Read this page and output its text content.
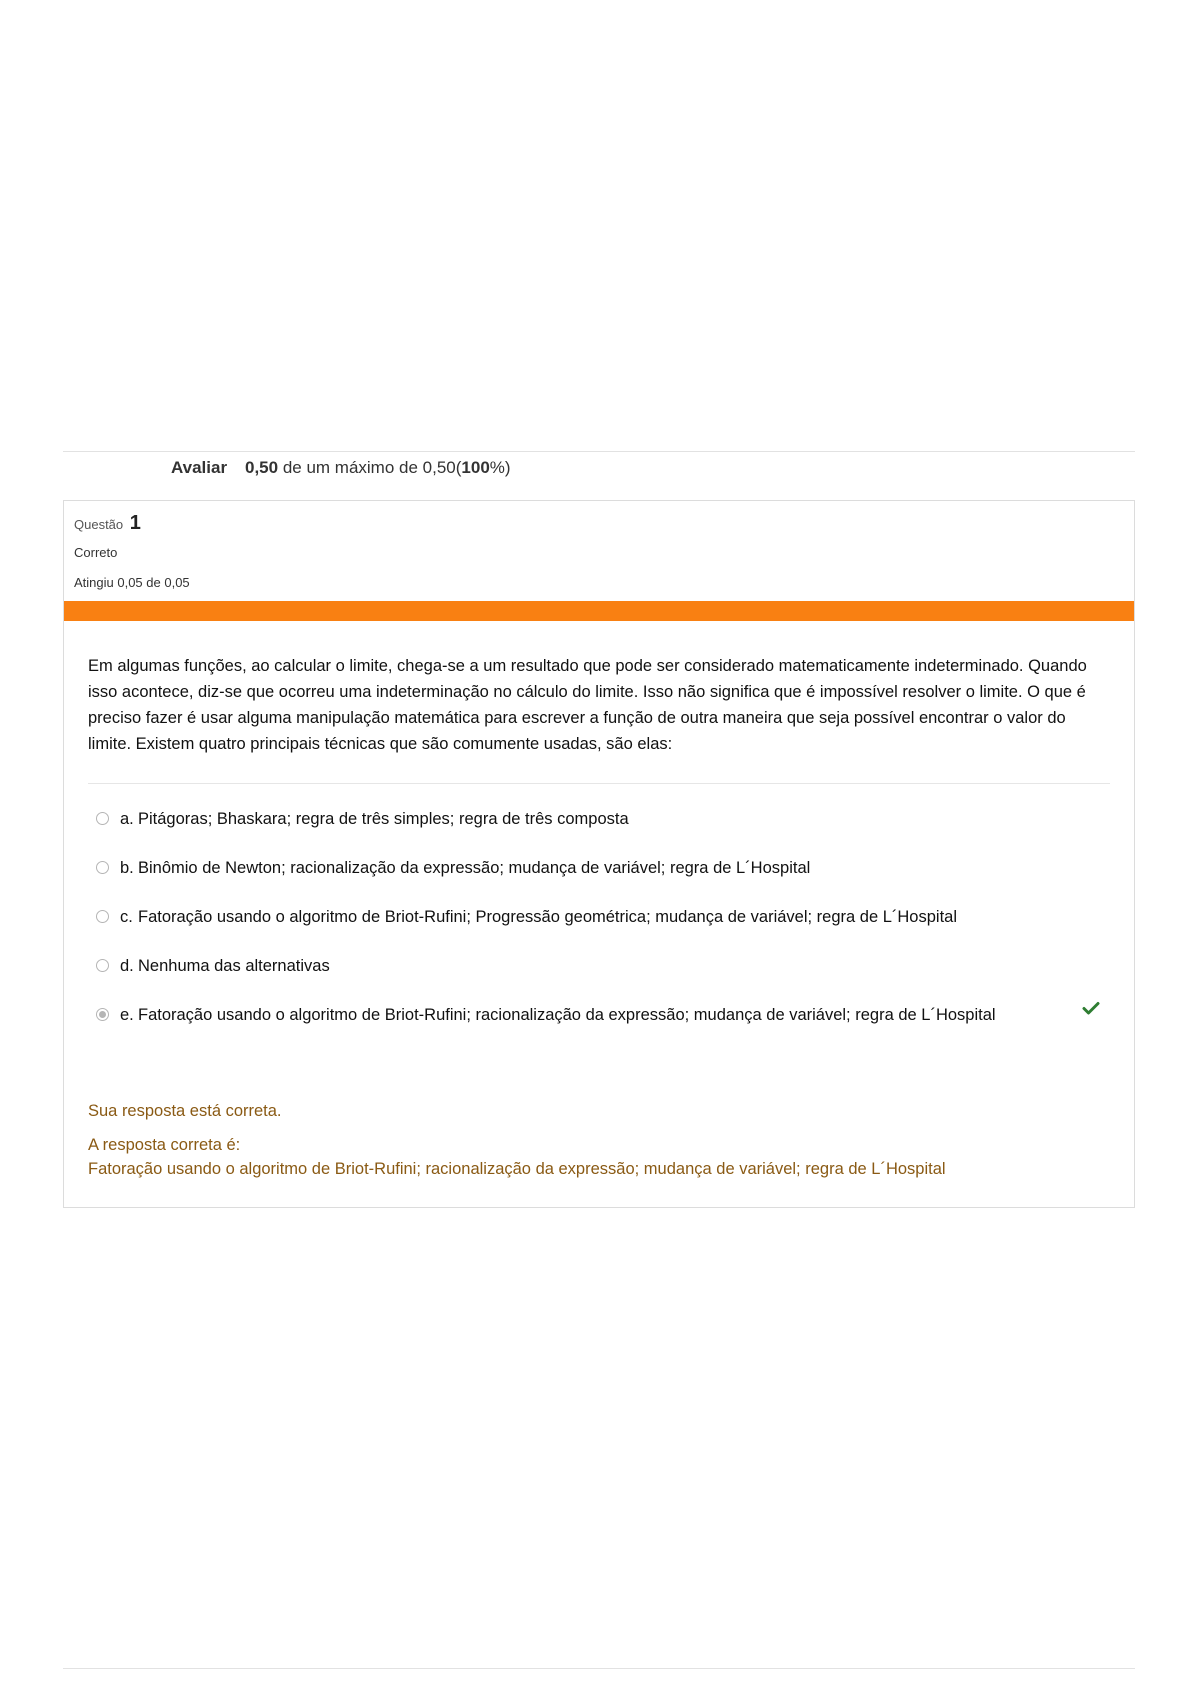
Avaliar 0,50 de um máximo de 0,50(100%)
Questão 1
Correto
Atingiu 0,05 de 0,05
Em algumas funções, ao calcular o limite, chega-se a um resultado que pode ser considerado matematicamente indeterminado. Quando isso acontece, diz-se que ocorreu uma indeterminação no cálculo do limite. Isso não significa que é impossível resolver o limite. O que é preciso fazer é usar alguma manipulação matemática para escrever a função de outra maneira que seja possível encontrar o valor do limite. Existem quatro principais técnicas que são comumente usadas, são elas:
a. Pitágoras; Bhaskara; regra de três simples; regra de três composta
b. Binômio de Newton; racionalização da expressão; mudança de variável; regra de L´Hospital
c. Fatoração usando o algoritmo de Briot-Rufini; Progressão geométrica; mudança de variável; regra de L´Hospital
d. Nenhuma das alternativas
e. Fatoração usando o algoritmo de Briot-Rufini; racionalização da expressão; mudança de variável; regra de L´Hospital
Sua resposta está correta.
A resposta correta é:
Fatoração usando o algoritmo de Briot-Rufini; racionalização da expressão; mudança de variável; regra de L´Hospital
